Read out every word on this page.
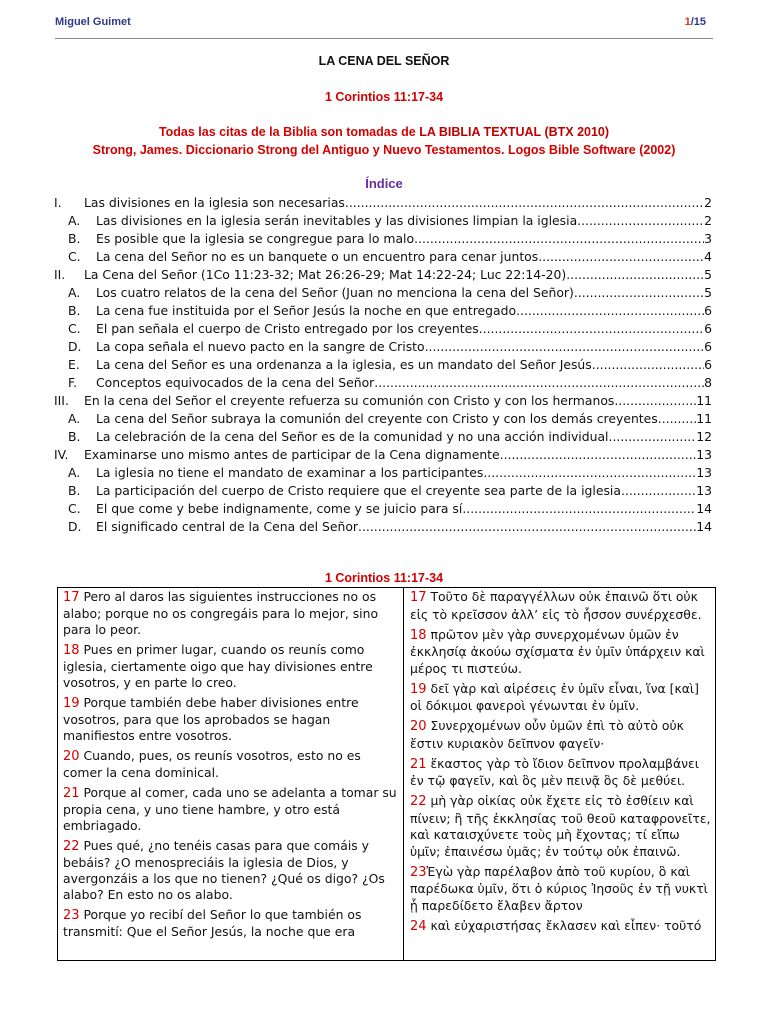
Miguel Guimet	1/15
LA CENA DEL SEÑOR
1 Corintios 11:17-34
Todas las citas de la Biblia son tomadas de LA BIBLIA TEXTUAL (BTX 2010)
Strong, James. Diccionario Strong del Antiguo y Nuevo Testamentos. Logos Bible Software (2002)
Índice
I.	Las divisiones en la iglesia son necesarias .....	2
A.	Las divisiones en la iglesia serán inevitables y las divisiones limpian la iglesia .....	2
B.	Es posible que la iglesia se congregue para lo malo .....	3
C.	La cena del Señor no es un banquete o un encuentro para cenar juntos .....	4
II.	La Cena del Señor (1Co 11:23-32; Mat 26:26-29; Mat 14:22-24; Luc 22:14-20) .....	5
A.	Los cuatro relatos de la cena del Señor (Juan no menciona la cena del Señor) .....	5
B.	La cena fue instituida por el Señor Jesús la noche en que entregado .....	6
C.	El pan señala el cuerpo de Cristo entregado por los creyentes .....	6
D.	La copa señala el nuevo pacto en la sangre de Cristo .....	6
E.	La cena del Señor es una ordenanza a la iglesia, es un mandato del Señor Jesús .....	6
F.	Conceptos equivocados de la cena del Señor .....	8
III.	En la cena del Señor el creyente refuerza su comunión con Cristo y con los hermanos .....	11
A.	La cena del Señor subraya la comunión del creyente con Cristo y con los demás creyentes .....	11
B.	La celebración de la cena del Señor es de la comunidad y no una acción individual .....	12
IV.	Examinarse uno mismo antes de participar de la Cena dignamente .....	13
A.	La iglesia no tiene el mandato de examinar a los participantes .....	13
B.	La participación del cuerpo de Cristo requiere que el creyente sea parte de la iglesia .....	13
C.	El que come y bebe indignamente, come y se juicio para sí .....	14
D.	El significado central de la Cena del Señor .....	14
1 Corintios 11:17-34
17 Pero al daros las siguientes instrucciones no os alabo; porque no os congregáis para lo mejor, sino para lo peor.
18 Pues en primer lugar, cuando os reunís como iglesia, ciertamente oigo que hay divisiones entre vosotros, y en parte lo creo.
19 Porque también debe haber divisiones entre vosotros, para que los aprobados se hagan manifiestos entre vosotros.
20 Cuando, pues, os reunís vosotros, esto no es comer la cena dominical.
21 Porque al comer, cada uno se adelanta a tomar su propia cena, y uno tiene hambre, y otro está embriagado.
22 Pues qué, ¿no tenéis casas para que comáis y bebáis? ¿O menospreciáis la iglesia de Dios, y avergonzáis a los que no tienen? ¿Qué os digo? ¿Os alabo? En esto no os alabo.
23 Porque yo recibí del Señor lo que también os transmití: Que el Señor Jesús, la noche que era
17 Τοῦτο δὲ παραγγέλλων οὐκ ἐπαινῶ ὅτι οὐκ εἰς τὸ κρεῖσσον ἀλλ’ εἰς τὸ ἧσσον συνέρχεσθε.
18 πρῶτον μὲν γὰρ συνερχομένων ὑμῶν ἐν ἐκκλησίᾳ ἀκούω σχίσματα ἐν ὑμῖν ὑπάρχειν καὶ μέρος τι πιστεύω.
19 δεῖ γὰρ καὶ αἱρέσεις ἐν ὑμῖν εἶναι, ἵνα [καὶ] οἱ δόκιμοι φανεροὶ γένωνται ἐν ὑμῖν.
20 Συνερχομένων οὖν ὑμῶν ἐπὶ τὸ αὐτὸ οὐκ ἔστιν κυριακὸν δεῖπνον φαγεῖν·
21 ἕκαστος γὰρ τὸ ἴδιον δεῖπνον προλαμβάνει ἐν τῷ φαγεῖν, καὶ ὃς μὲν πεινᾷ ὃς δὲ μεθύει.
22 μὴ γὰρ οἰκίας οὐκ ἔχετε εἰς τὸ ἐσθίειν καὶ πίνειν; ἢ τῆς ἐκκλησίας τοῦ θεοῦ καταφρονεῖτε, καὶ καταισχύνετε τοὺς μὴ ἔχοντας; τί εἴπω ὑμῖν; ἐπαινέσω ὑμᾶς; ἐν τούτῳ οὐκ ἐπαινῶ.
23Ἐγὼ γὰρ παρέλαβον ἀπὸ τοῦ κυρίου, ὃ καὶ παρέδωκα ὑμῖν, ὅτι ὁ κύριος Ἰησοῦς ἐν τῇ νυκτὶ ᾗ παρεδίδετο ἔλαβεν ἄρτον
24 καὶ εὐχαριστήσας ἔκλασεν καὶ εἶπεν· τοῦτό
